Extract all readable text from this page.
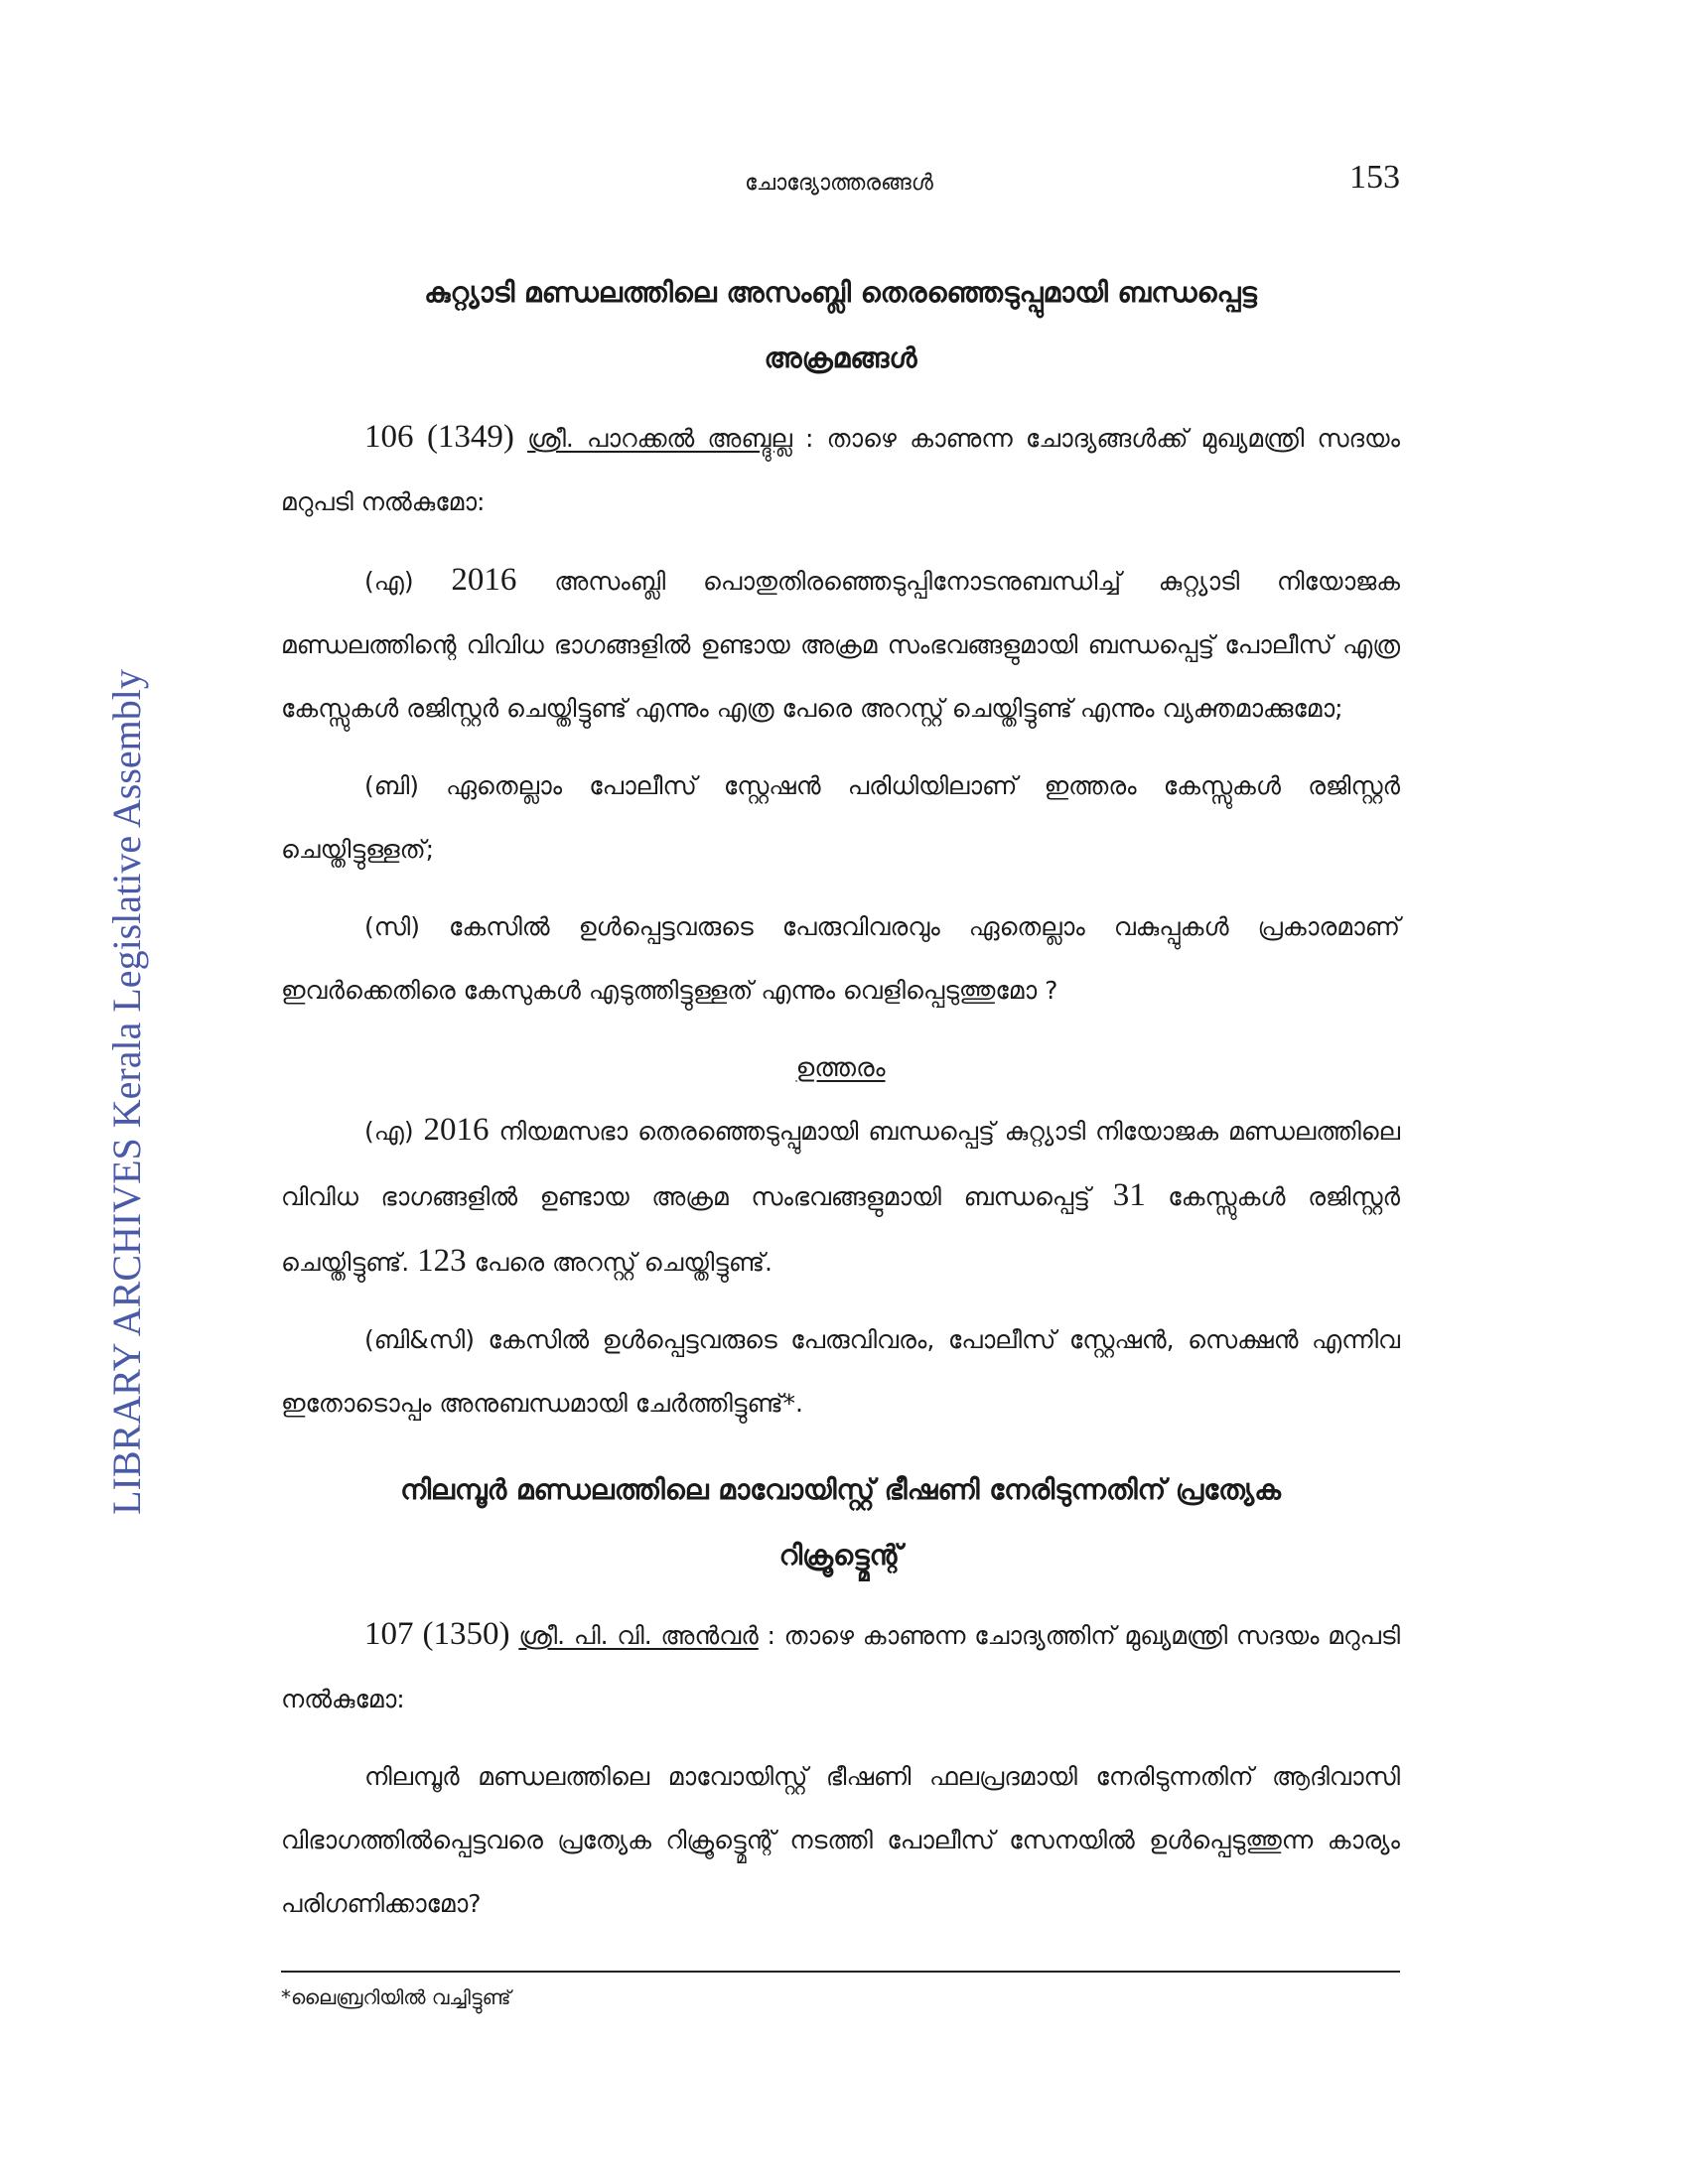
LIBRARY ARCHIVES Kerala Legislative Assembly
ചോദ്യോത്തരങ്ങൾ	153

കുറ്റ്യാടി മണ്ഡലത്തിലെ അസംബ്ലി തെരഞ്ഞെടുപ്പുമായി ബന്ധപ്പെട്ട

അക്രമങ്ങൾ

106 (1349) ശ്രീ. പാറക്കൽ അബ്ദുല്ല : താഴെ കാണുന്ന ചോദ്യങ്ങൾക്ക് മുഖ്യമന്ത്രി സദയം മറുപടി നൽകുമോ:

(എ) 2016 അസംബ്ലി പൊതുതിരഞ്ഞെടുപ്പിനോടനുബന്ധിച്ച് കുറ്റ്യാടി നിയോജക മണ്ഡലത്തിന്റെ വിവിധ ഭാഗങ്ങളിൽ ഉണ്ടായ അക്രമ സംഭവങ്ങളുമായി ബന്ധപ്പെട്ട് പോലീസ് എത്ര കേസ്സുകൾ രജിസ്റ്റർ ചെയ്തിട്ടുണ്ട് എന്നും എത്ര പേരെ അറസ്റ്റ് ചെയ്തിട്ടുണ്ട് എന്നും വ്യക്തമാക്കുമോ;

(ബി) ഏതെല്ലാം പോലീസ് സ്റ്റേഷൻ പരിധിയിലാണ് ഇത്തരം കേസ്സുകൾ രജിസ്റ്റർ ചെയ്തിട്ടുള്ളത്;

(സി) കേസിൽ ഉൾപ്പെട്ടവരുടെ പേരുവിവരവും ഏതെല്ലാം വകുപ്പുകൾ പ്രകാരമാണ് ഇവർക്കെതിരെ കേസുകൾ എടുത്തിട്ടുള്ളത് എന്നും വെളിപ്പെടുത്തുമോ ?

ഉത്തരം

(എ) 2016 നിയമസഭാ തെരഞ്ഞെടുപ്പുമായി ബന്ധപ്പെട്ട് കുറ്റ്യാടി നിയോജക മണ്ഡലത്തിലെ വിവിധ ഭാഗങ്ങളിൽ ഉണ്ടായ അക്രമ സംഭവങ്ങളുമായി ബന്ധപ്പെട്ട് 31 കേസ്സുകൾ രജിസ്റ്റർ ചെയ്തിട്ടുണ്ട്. 123 പേരെ അറസ്റ്റ് ചെയ്തിട്ടുണ്ട്.

(ബി&സി) കേസിൽ ഉൾപ്പെട്ടവരുടെ പേരുവിവരം, പോലീസ് സ്റ്റേഷൻ, സെക്ഷൻ എന്നിവ ഇതോടൊപ്പം അനുബന്ധമായി ചേർത്തിട്ടുണ്ട്*.

നിലമ്പൂർ മണ്ഡലത്തിലെ മാവോയിസ്റ്റ് ഭീഷണി നേരിടുന്നതിന് പ്രത്യേക

റിക്രൂട്ട്മെന്റ്

107 (1350) ശ്രീ. പി. വി. അൻവർ : താഴെ കാണുന്ന ചോദ്യത്തിന് മുഖ്യമന്ത്രി സദയം മറുപടി നൽകുമോ:

നിലമ്പൂർ മണ്ഡലത്തിലെ മാവോയിസ്റ്റ് ഭീഷണി ഫലപ്രദമായി നേരിടുന്നതിന് ആദിവാസി വിഭാഗത്തിൽപ്പെട്ടവരെ പ്രത്യേക റിക്രൂട്ട്മെന്റ് നടത്തി പോലീസ് സേനയിൽ ഉൾപ്പെടുത്തുന്ന കാര്യം പരിഗണിക്കാമോ?

*ലൈബ്രറിയിൽ വച്ചിട്ടുണ്ട്
